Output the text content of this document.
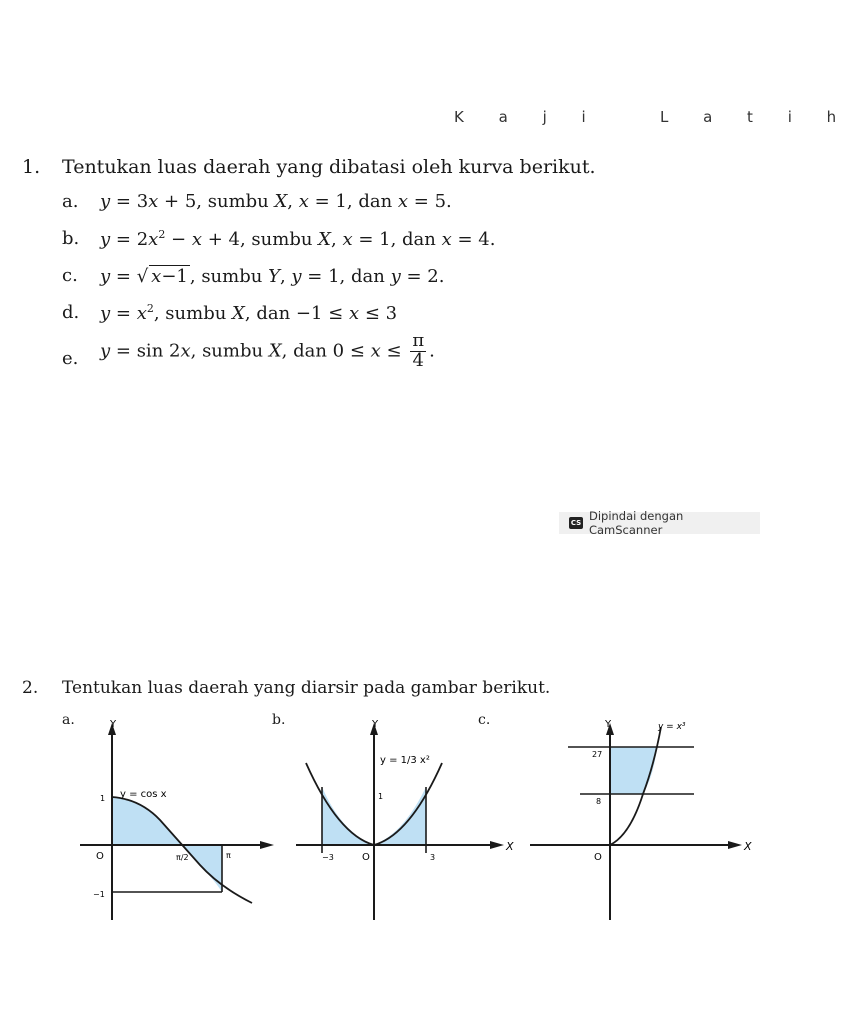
K a j i   L a t i h
1. Tentukan luas daerah yang dibatasi oleh kurva berikut.
a. y = 3x + 5, sumbu X, x = 1, dan x = 5.
b. $y = 2x^2 - x + 4$, sumbu X, x = 1, dan x = 4.
c. y = √ x−1 , sumbu Y, y = 1, dan y = 2.
d. $y = x^2$, sumbu X, dan −1 ≤ x ≤ 3
e. y = sin 2x, sumbu X, dan $0 \le x \le \frac{\pi}{4}$ .
CS Dipindai dengan CamScanner
2. Tentukan luas daerah yang diarsir pada gambar berikut.
a.	b.	c.
Y
y = cos x
1
O
−1
π/2	π
Y
X
y = 1/3 x²
1
O
−3	3
Y
X
y = x³
27
8
O
